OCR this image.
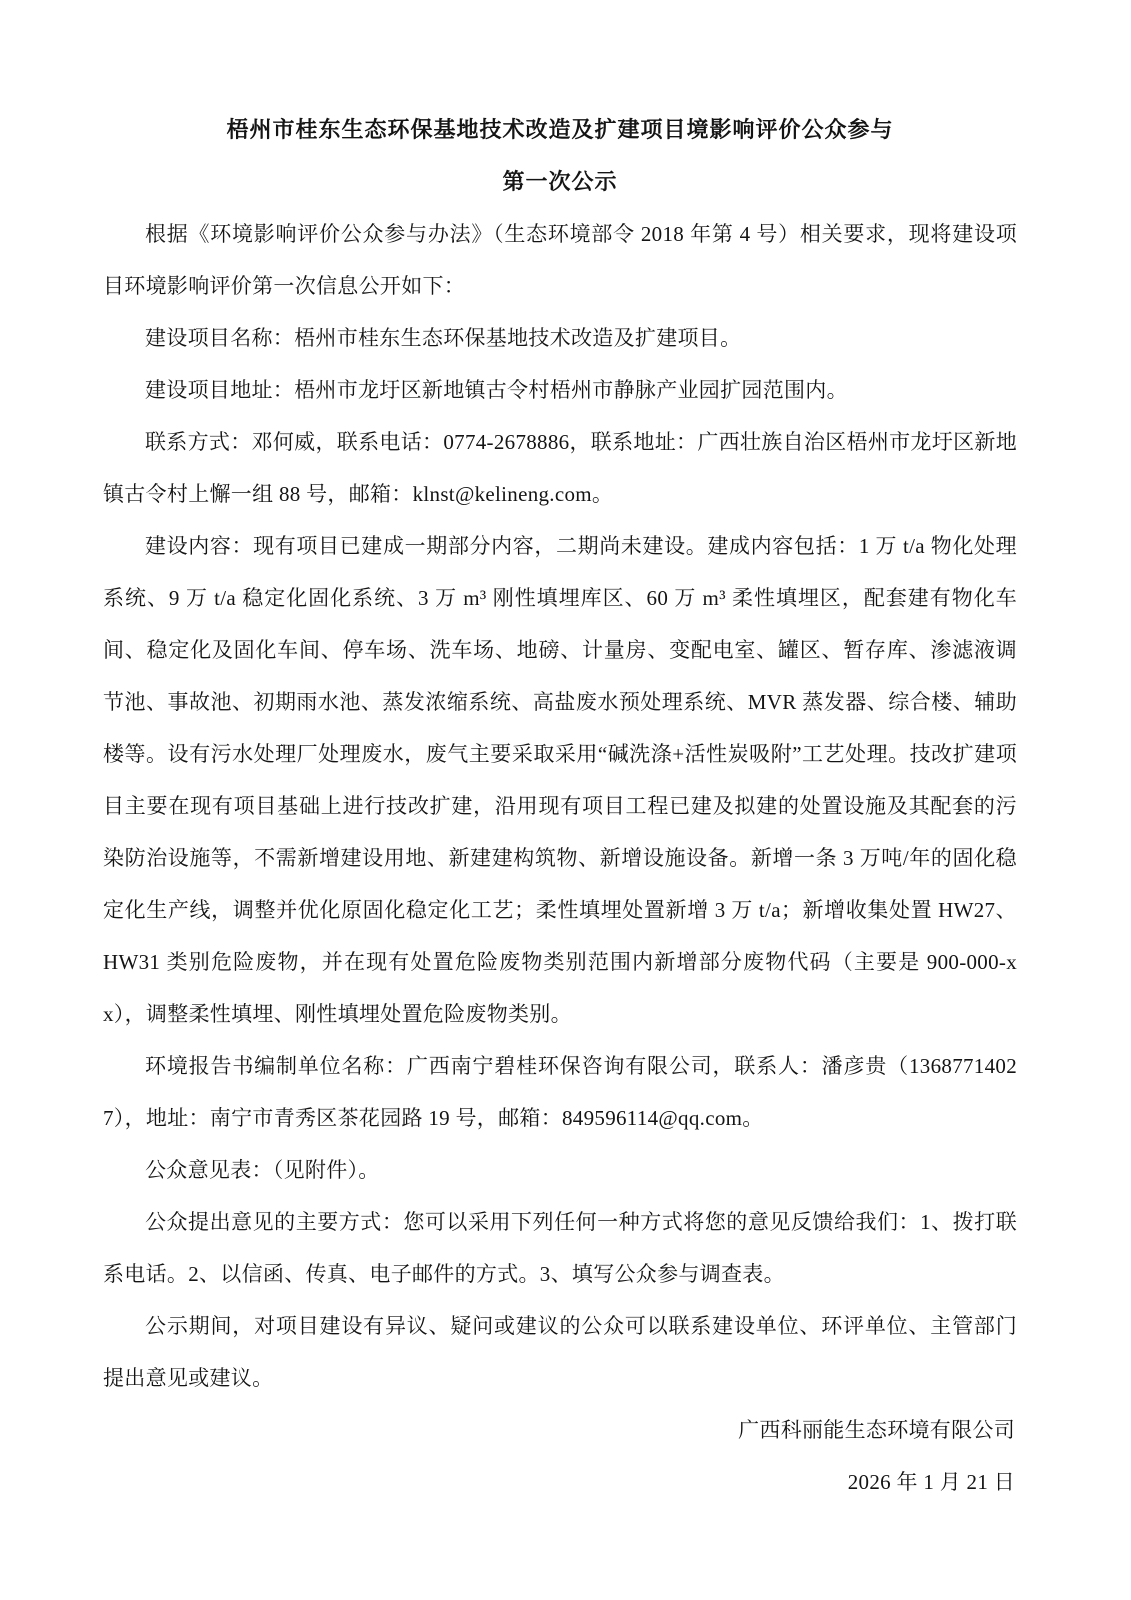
梧州市桂东生态环保基地技术改造及扩建项目境影响评价公众参与
第一次公示

根据《环境影响评价公众参与办法》（生态环境部令 2018 年第 4 号）相关要求，现将建设项目环境影响评价第一次信息公开如下：

建设项目名称：梧州市桂东生态环保基地技术改造及扩建项目。

建设项目地址：梧州市龙圩区新地镇古令村梧州市静脉产业园扩园范围内。

联系方式：邓何威，联系电话：0774-2678886，联系地址：广西壮族自治区梧州市龙圩区新地镇古令村上懈一组 88 号，邮箱：klnst@kelineng.com。

建设内容：现有项目已建成一期部分内容，二期尚未建设。建成内容包括：1 万 t/a 物化处理系统、9 万 t/a 稳定化固化系统、3 万 m³ 刚性填埋库区、60 万 m³ 柔性填埋区，配套建有物化车间、稳定化及固化车间、停车场、洗车场、地磅、计量房、变配电室、罐区、暂存库、渗滤液调节池、事故池、初期雨水池、蒸发浓缩系统、高盐废水预处理系统、MVR 蒸发器、综合楼、辅助楼等。设有污水处理厂处理废水，废气主要采取采用“碱洗涤+活性炭吸附”工艺处理。技改扩建项目主要在现有项目基础上进行技改扩建，沿用现有项目工程已建及拟建的处置设施及其配套的污染防治设施等，不需新增建设用地、新建建构筑物、新增设施设备。新增一条 3 万吨/年的固化稳定化生产线，调整并优化原固化稳定化工艺；柔性填埋处置新增 3 万 t/a；新增收集处置 HW27、HW31 类别危险废物，并在现有处置危险废物类别范围内新增部分废物代码（主要是 900-000-xx），调整柔性填埋、刚性填埋处置危险废物类别。

环境报告书编制单位名称：广西南宁碧桂环保咨询有限公司，联系人：潘彦贵（13687714027），地址：南宁市青秀区茶花园路 19 号，邮箱：849596114@qq.com。

公众意见表：（见附件）。

公众提出意见的主要方式：您可以采用下列任何一种方式将您的意见反馈给我们：1、拨打联系电话。2、以信函、传真、电子邮件的方式。3、填写公众参与调查表。

公示期间，对项目建设有异议、疑问或建议的公众可以联系建设单位、环评单位、主管部门提出意见或建议。

广西科丽能生态环境有限公司

2026 年 1 月 21 日
